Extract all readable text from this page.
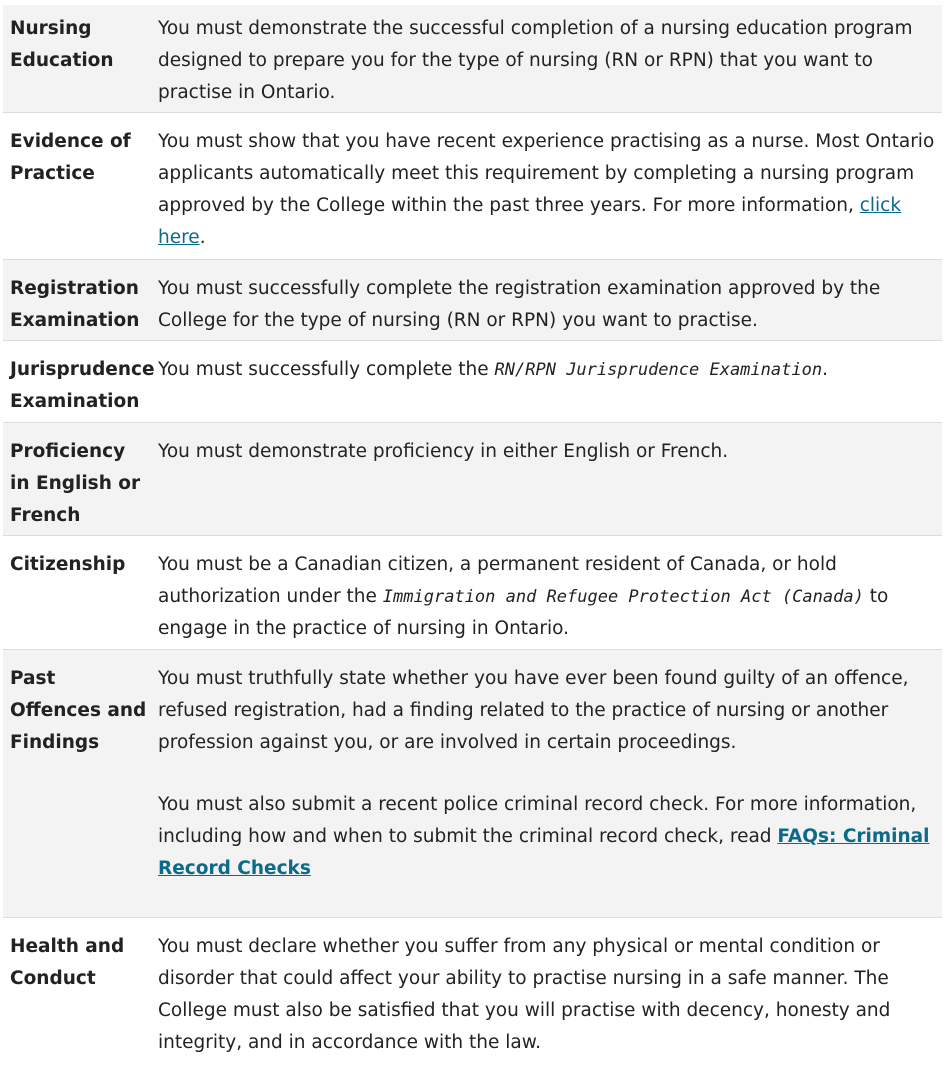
Nursing Education	You must demonstrate the successful completion of a nursing education program designed to prepare you for the type of nursing (RN or RPN) that you want to practise in Ontario.
Evidence of Practice	You must show that you have recent experience practising as a nurse. Most Ontario applicants automatically meet this requirement by completing a nursing program approved by the College within the past three years. For more information, click here.
Registration Examination	You must successfully complete the registration examination approved by the College for the type of nursing (RN or RPN) you want to practise.
Jurisprudence Examination	You must successfully complete the RN/RPN Jurisprudence Examination.
Proficiency in English or French	You must demonstrate proficiency in either English or French.
Citizenship	You must be a Canadian citizen, a permanent resident of Canada, or hold authorization under the Immigration and Refugee Protection Act (Canada) to engage in the practice of nursing in Ontario.
Past Offences and Findings	You must truthfully state whether you have ever been found guilty of an offence, refused registration, had a finding related to the practice of nursing or another profession against you, or are involved in certain proceedings.

You must also submit a recent police criminal record check. For more information, including how and when to submit the criminal record check, read FAQs: Criminal Record Checks

Health and Conduct	You must declare whether you suffer from any physical or mental condition or disorder that could affect your ability to practise nursing in a safe manner. The College must also be satisfied that you will practise with decency, honesty and integrity, and in accordance with the law.
